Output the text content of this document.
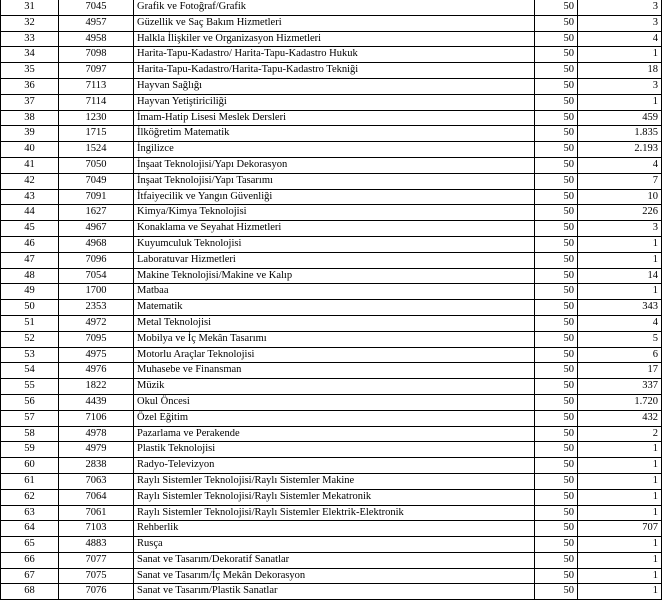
31	7045	Grafik ve Fotoğraf/Grafik	50	3
32	4957	Güzellik ve Saç Bakım Hizmetleri	50	3
33	4958	Halkla İlişkiler ve Organizasyon Hizmetleri	50	4
34	7098	Harita-Tapu-Kadastro/ Harita-Tapu-Kadastro Hukuk	50	1
35	7097	Harita-Tapu-Kadastro/Harita-Tapu-Kadastro Tekniği	50	18
36	7113	Hayvan Sağlığı	50	3
37	7114	Hayvan Yetiştiriciliği	50	1
38	1230	İmam-Hatip Lisesi Meslek Dersleri	50	459
39	1715	İlköğretim Matematik	50	1.835
40	1524	İngilizce	50	2.193
41	7050	İnşaat Teknolojisi/Yapı Dekorasyon	50	4
42	7049	İnşaat Teknolojisi/Yapı Tasarımı	50	7
43	7091	İtfaiyecilik ve Yangın Güvenliği	50	10
44	1627	Kimya/Kimya Teknolojisi	50	226
45	4967	Konaklama ve Seyahat Hizmetleri	50	3
46	4968	Kuyumculuk Teknolojisi	50	1
47	7096	Laboratuvar Hizmetleri	50	1
48	7054	Makine Teknolojisi/Makine ve Kalıp	50	14
49	1700	Matbaa	50	1
50	2353	Matematik	50	343
51	4972	Metal Teknolojisi	50	4
52	7095	Mobilya ve İç Mekân Tasarımı	50	5
53	4975	Motorlu Araçlar Teknolojisi	50	6
54	4976	Muhasebe ve Finansman	50	17
55	1822	Müzik	50	337
56	4439	Okul Öncesi	50	1.720
57	7106	Özel Eğitim	50	432
58	4978	Pazarlama ve Perakende	50	2
59	4979	Plastik Teknolojisi	50	1
60	2838	Radyo-Televizyon	50	1
61	7063	Raylı Sistemler Teknolojisi/Raylı Sistemler Makine	50	1
62	7064	Raylı Sistemler Teknolojisi/Raylı Sistemler Mekatronik	50	1
63	7061	Raylı Sistemler Teknolojisi/Raylı Sistemler Elektrik-Elektronik	50	1
64	7103	Rehberlik	50	707
65	4883	Rusça	50	1
66	7077	Sanat ve Tasarım/Dekoratif Sanatlar	50	1
67	7075	Sanat ve Tasarım/İç Mekân Dekorasyon	50	1
68	7076	Sanat ve Tasarım/Plastik Sanatlar	50	1
